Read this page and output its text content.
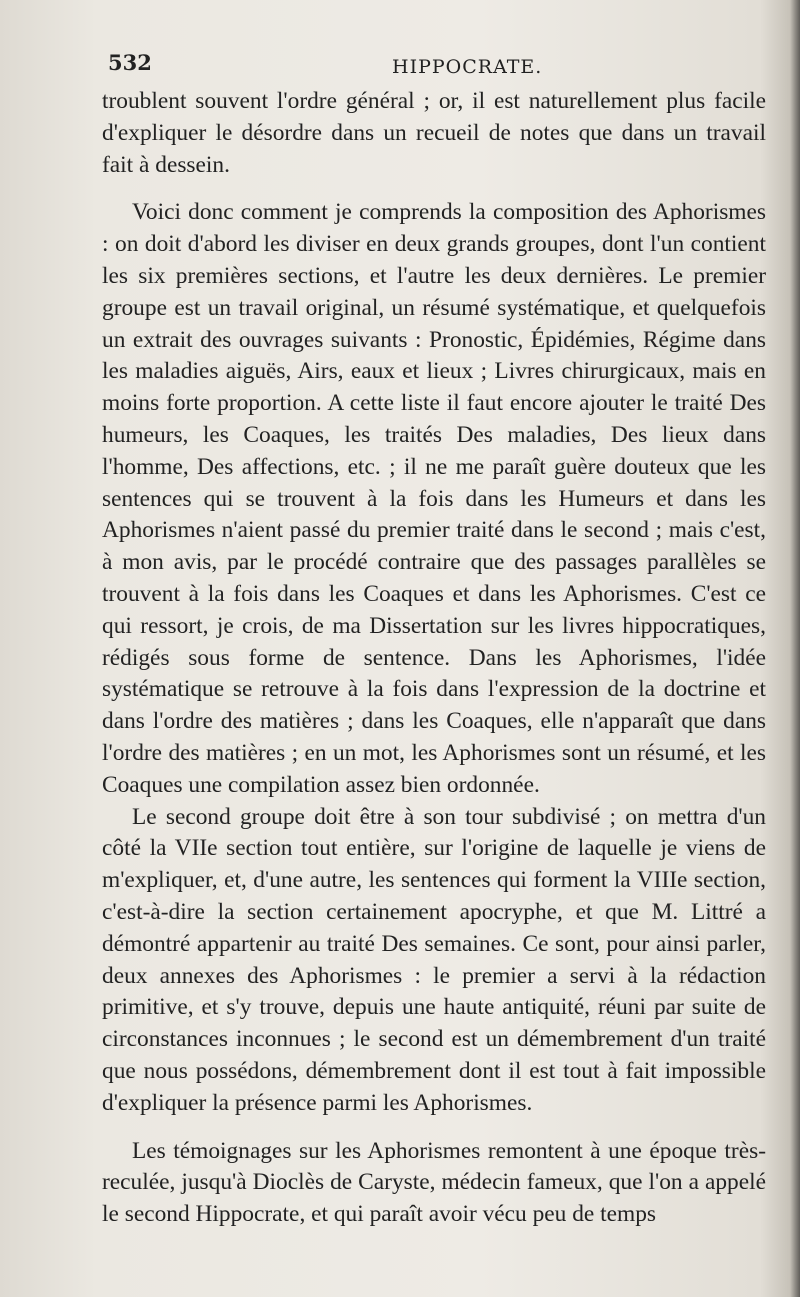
532	HIPPOCRATE.

troublent souvent l'ordre général ; or, il est naturellement plus facile d'expliquer le désordre dans un recueil de notes que dans un travail fait à dessein.

Voici donc comment je comprends la composition des Aphorismes : on doit d'abord les diviser en deux grands groupes, dont l'un contient les six premières sections, et l'autre les deux dernières. Le premier groupe est un travail original, un résumé systématique, et quelquefois un extrait des ouvrages suivants : Pronostic, Épidémies, Régime dans les maladies aiguës, Airs, eaux et lieux ; Livres chirurgicaux, mais en moins forte proportion. A cette liste il faut encore ajouter le traité Des humeurs, les Coaques, les traités Des maladies, Des lieux dans l'homme, Des affections, etc. ; il ne me paraît guère douteux que les sentences qui se trouvent à la fois dans les Humeurs et dans les Aphorismes n'aient passé du premier traité dans le second ; mais c'est, à mon avis, par le procédé contraire que des passages parallèles se trouvent à la fois dans les Coaques et dans les Aphorismes. C'est ce qui ressort, je crois, de ma Dissertation sur les livres hippocratiques, rédigés sous forme de sentence. Dans les Aphorismes, l'idée systématique se retrouve à la fois dans l'expression de la doctrine et dans l'ordre des matières ; dans les Coaques, elle n'apparaît que dans l'ordre des matières ; en un mot, les Aphorismes sont un résumé, et les Coaques une compilation assez bien ordonnée.

Le second groupe doit être à son tour subdivisé ; on mettra d'un côté la VIIe section tout entière, sur l'origine de laquelle je viens de m'expliquer, et, d'une autre, les sentences qui forment la VIIIe section, c'est-à-dire la section certainement apocryphe, et que M. Littré a démontré appartenir au traité Des semaines. Ce sont, pour ainsi parler, deux annexes des Aphorismes : le premier a servi à la rédaction primitive, et s'y trouve, depuis une haute antiquité, réuni par suite de circonstances inconnues ; le second est un démembrement d'un traité que nous possédons, démembrement dont il est tout à fait impossible d'expliquer la présence parmi les Aphorismes.

Les témoignages sur les Aphorismes remontent à une époque très-reculée, jusqu'à Dioclès de Caryste, médecin fameux, que l'on a appelé le second Hippocrate, et qui paraît avoir vécu peu de temps
